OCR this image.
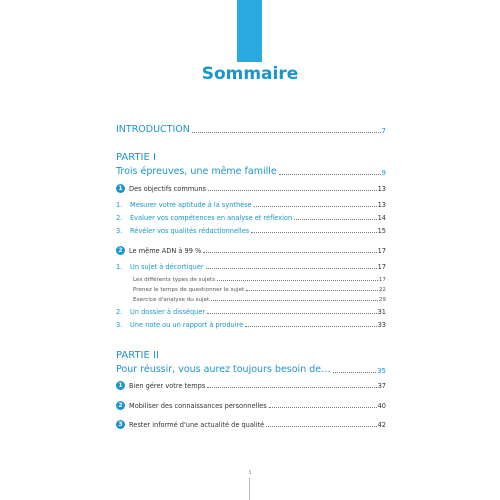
Sommaire
INTRODUCTION	7
PARTIE I
Trois épreuves, une même famille	9
1 Des objectifs communs	13
1.	Mesurer votre aptitude à la synthèse	13
2.	Évaluer vos compétences en analyse et réflexion	14
3.	Révéler vos qualités rédactionnelles	15
2 Le même ADN à 99 %	17
1.	Un sujet à décortiquer	17
Les différents types de sujets	17
Prenez le temps de questionner le sujet	22
Exercice d'analyse du sujet	29
2.	Un dossier à disséquer	31
3.	Une note ou un rapport à produire	33
PARTIE II
Pour réussir, vous aurez toujours besoin de…	35
1 Bien gérer votre temps	37
2 Mobiliser des connaissances personnelles	40
3 Rester informé d'une actualité de qualité	42
5
